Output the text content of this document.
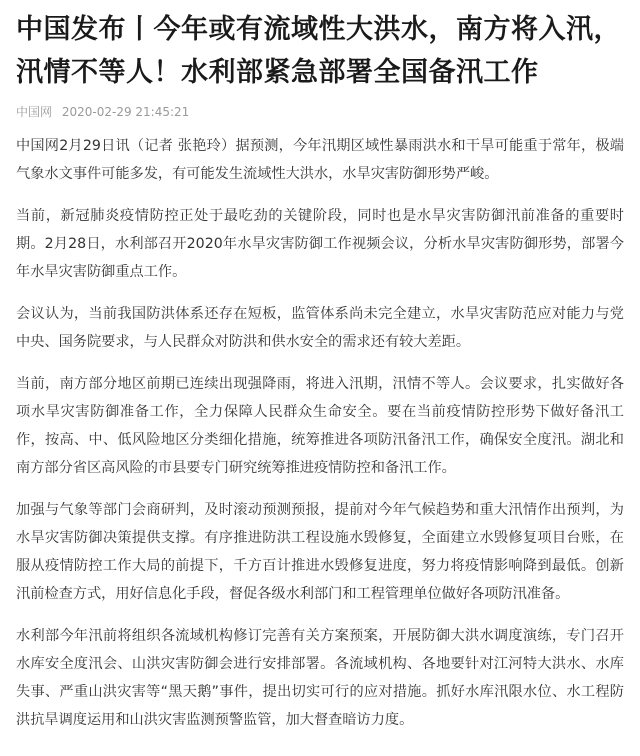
中国发布丨今年或有流域性大洪水，南方将入汛，汛情不等人！水利部紧急部署全国备汛工作
中国网 2020-02-29 21:45:21

中国网2月29日讯（记者 张艳玲）据预测，今年汛期区域性暴雨洪水和干旱可能重于常年，极端气象水文事件可能多发，有可能发生流域性大洪水，水旱灾害防御形势严峻。

当前，新冠肺炎疫情防控正处于最吃劲的关键阶段，同时也是水旱灾害防御汛前准备的重要时期。2月28日，水利部召开2020年水旱灾害防御工作视频会议，分析水旱灾害防御形势，部署今年水旱灾害防御重点工作。

会议认为，当前我国防洪体系还存在短板，监管体系尚未完全建立，水旱灾害防范应对能力与党中央、国务院要求，与人民群众对防洪和供水安全的需求还有较大差距。

当前，南方部分地区前期已连续出现强降雨，将进入汛期，汛情不等人。会议要求，扎实做好各项水旱灾害防御准备工作，全力保障人民群众生命安全。要在当前疫情防控形势下做好备汛工作，按高、中、低风险地区分类细化措施，统筹推进各项防汛备汛工作，确保安全度汛。湖北和南方部分省区高风险的市县要专门研究统筹推进疫情防控和备汛工作。

加强与气象等部门会商研判，及时滚动预测预报，提前对今年气候趋势和重大汛情作出预判，为水旱灾害防御决策提供支撑。有序推进防洪工程设施水毁修复，全面建立水毁修复项目台账，在服从疫情防控工作大局的前提下，千方百计推进水毁修复进度，努力将疫情影响降到最低。创新汛前检查方式，用好信息化手段，督促各级水利部门和工程管理单位做好各项防汛准备。

水利部今年汛前将组织各流域机构修订完善有关方案预案，开展防御大洪水调度演练，专门召开水库安全度汛会、山洪灾害防御会进行安排部署。各流域机构、各地要针对江河特大洪水、水库失事、严重山洪灾害等“黑天鹅”事件，提出切实可行的应对措施。抓好水库汛限水位、水工程防洪抗旱调度运用和山洪灾害监测预警监管，加大督查暗访力度。
